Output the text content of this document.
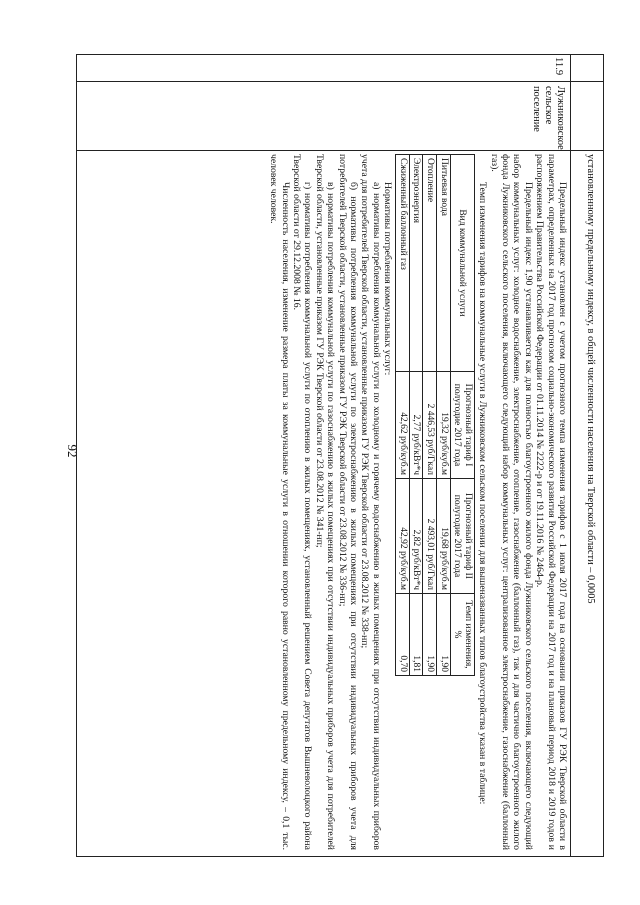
92	установленному предельному индексу, в общей численности населения на Тверской области – 0,0005
11.9
Лужниковское сельское поселение

Предельный индекс установлен с учетом прогнозного темпа изменения тарифов с 1 июля 2017 года на основании приказов ГУ РЭК Тверской области в параметрах, определенных на 2017 год прогнозом социально-экономического развития Российской Федерации на 2017 год и на плановый период 2018 и 2019 годов и распоряжением Правительства Российской Федерации от 01.11.2014 № 2222-р и от 19.11.2016 № 2464-р.

Предельный индекс 1,90 устанавливается как для полностью благоустроенного жилого фонда Лужниковского сельского поселения, включающего следующий набор коммунальных услуг: холодное водоснабжение, электроснабжение, отопление, газоснабжение (баллонный газ), так и для частично благоустроенного жилого фонда Лужниковского сельского поселения, включающего следующий набор коммунальных услуг: централизованное электроснабжение, газоснабжение (баллонный газ).

Темп изменения тарифов на коммунальные услуги в Лужниковском сельском поселении для вышеназванных типов благоустройства указан в таблице:

Вид коммунальной услуги	Прогнозный тариф I полугодие 2017 года	Прогнозный тариф II полугодие 2017 года	Темп изменения, %
Питьевая вода	19,32 руб/куб.м	19,68 руб/куб.м	1,90
Отопление	2 446,53 руб/Гкал	2 493,01 руб/Гкал	1,90
Электроэнергия	2,77 руб/кВт*ч	2,82 руб/кВт*ч	1,81
Сжиженный баллонный газ	42,62 руб/куб.м	42,92 руб/куб.м	0,70

Нормативы потребления коммунальных услуг:

а) нормативы потребления коммунальной услуги по холодному и горячему водоснабжению в жилых помещениях при отсутствии индивидуальных приборов учета для потребителей Тверской области, установленные приказом ГУ РЭК Тверской области от 23.08.2012 № 338-нп;

б) нормативы потребления коммунальной услуги по электроснабжению в жилых помещениях при отсутствии индивидуальных приборов учета для потребителей Тверской области, установленные приказом ГУ РЭК Тверской области от 23.08.2012 № 336-нп;

в) нормативы потребления коммунальной услуги по газоснабжению в жилых помещениях при отсутствии индивидуальных приборов учета для потребителей Тверской области, установленные приказом ГУ РЭК Тверской области от 23.08.2012 № 341-нп;

г) нормативы потребления коммунальной услуги по отоплению в жилых помещениях, установленный решением Совета депутатов Вышневолоцкого района Тверской области от 29.12.2008 № 16.

Численность населения, изменение размера платы за коммунальные услуги в отношении которого равно установленному предельному индексу, – 0,1 тыс. человек человек.
